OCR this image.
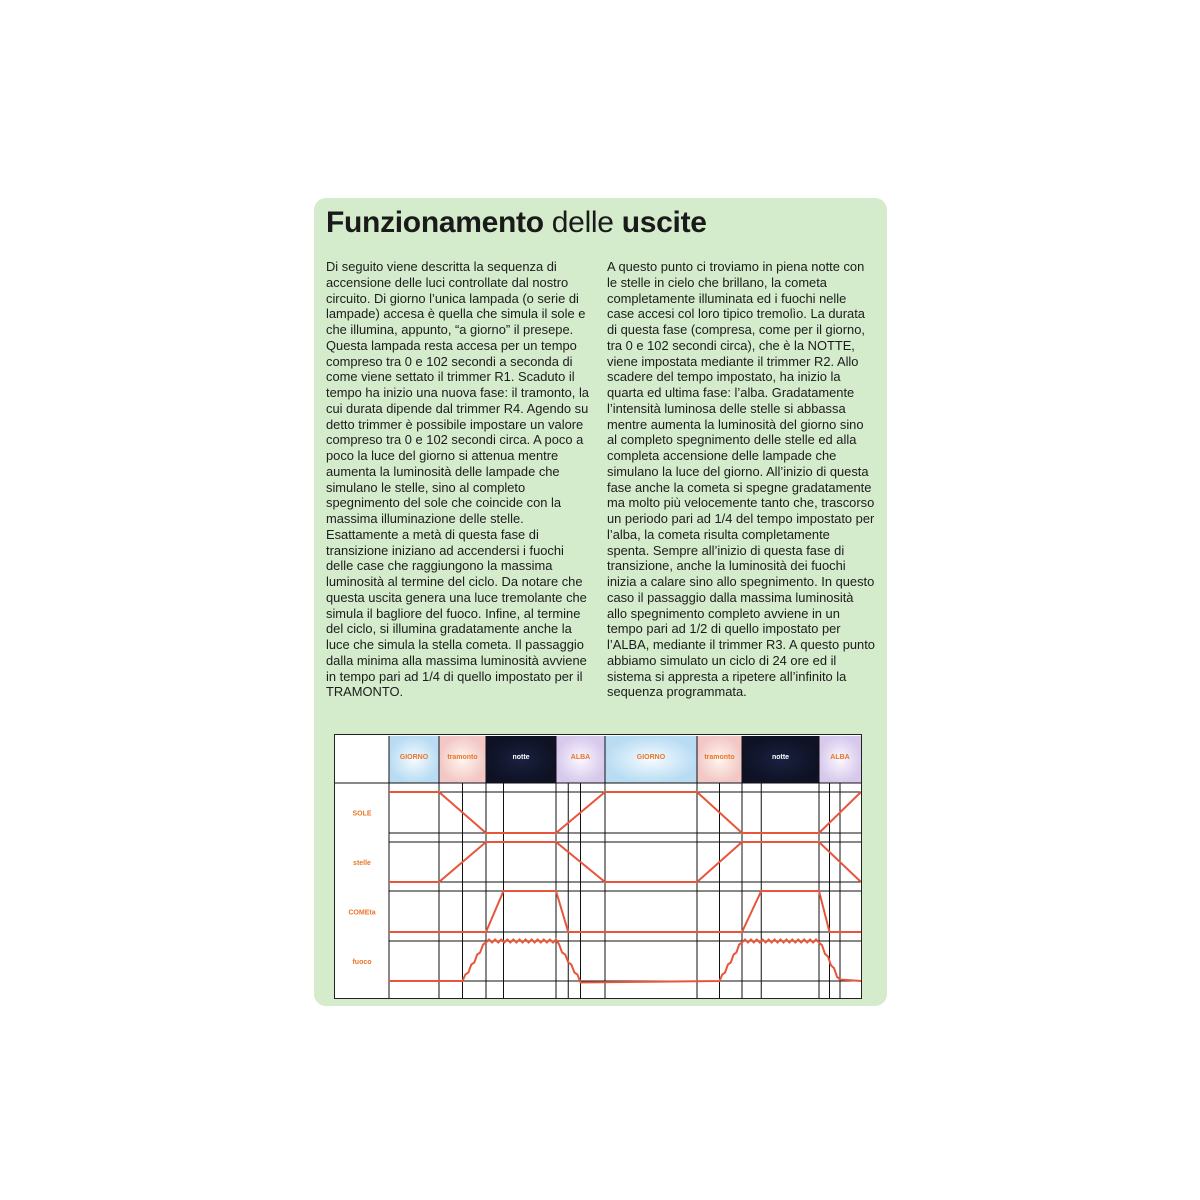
Funzionamento delle uscite

Di seguito viene descritta la sequenza di accensione delle luci controllate dal nostro circuito. Di giorno l’unica lampada (o serie di lampade) accesa è quella che simula il sole e che illumina, appunto, “a giorno” il presepe. Questa lampada resta accesa per un tempo compreso tra 0 e 102 secondi a seconda di come viene settato il trimmer R1. Scaduto il tempo ha inizio una nuova fase: il tramonto, la cui durata dipende dal trimmer R4. Agendo su detto trimmer è possibile impostare un valore compreso tra 0 e 102 secondi circa. A poco a poco la luce del giorno si attenua mentre aumenta la luminosità delle lampade che simulano le stelle, sino al completo spegnimento del sole che coincide con la massima illuminazione delle stelle. Esattamente a metà di questa fase di transizione iniziano ad accendersi i fuochi delle case che raggiungono la massima luminosità al termine del ciclo. Da notare che questa uscita genera una luce tremolante che simula il bagliore del fuoco. Infine, al termine del ciclo, si illumina gradatamente anche la luce che simula la stella cometa. Il passaggio dalla minima alla massima luminosità avviene in tempo pari ad 1/4 di quello impostato per il TRAMONTO.

A questo punto ci troviamo in piena notte con le stelle in cielo che brillano, la cometa completamente illuminata ed i fuochi nelle case accesi col loro tipico tremolìo. La durata di questa fase (compresa, come per il giorno, tra 0 e 102 secondi circa), che è la NOTTE, viene impostata mediante il trimmer R2. Allo scadere del tempo impostato, ha inizio la quarta ed ultima fase: l’alba. Gradatamente l’intensità luminosa delle stelle si abbassa mentre aumenta la luminosità del giorno sino al completo spegnimento delle stelle ed alla completa accensione delle lampade che simulano la luce del giorno. All’inizio di questa fase anche la cometa si spegne gradatamente ma molto più velocemente tanto che, trascorso un periodo pari ad 1/4 del tempo impostato per l’alba, la cometa risulta completamente spenta. Sempre all’inizio di questa fase di transizione, anche la luminosità dei fuochi inizia a calare sino allo spegnimento. In questo caso il passaggio dalla massima luminosità allo spegnimento completo avviene in un tempo pari ad 1/2 di quello impostato per l’ALBA, mediante il trimmer R3. A questo punto abbiamo simulato un ciclo di 24 ore ed il sistema si appresta a ripetere all’infinito la sequenza programmata.

GIORNO	tramonto	notte	ALBA	GIORNO	tramonto	notte	ALBA
SOLE
stelle
COMEta
fuoco
